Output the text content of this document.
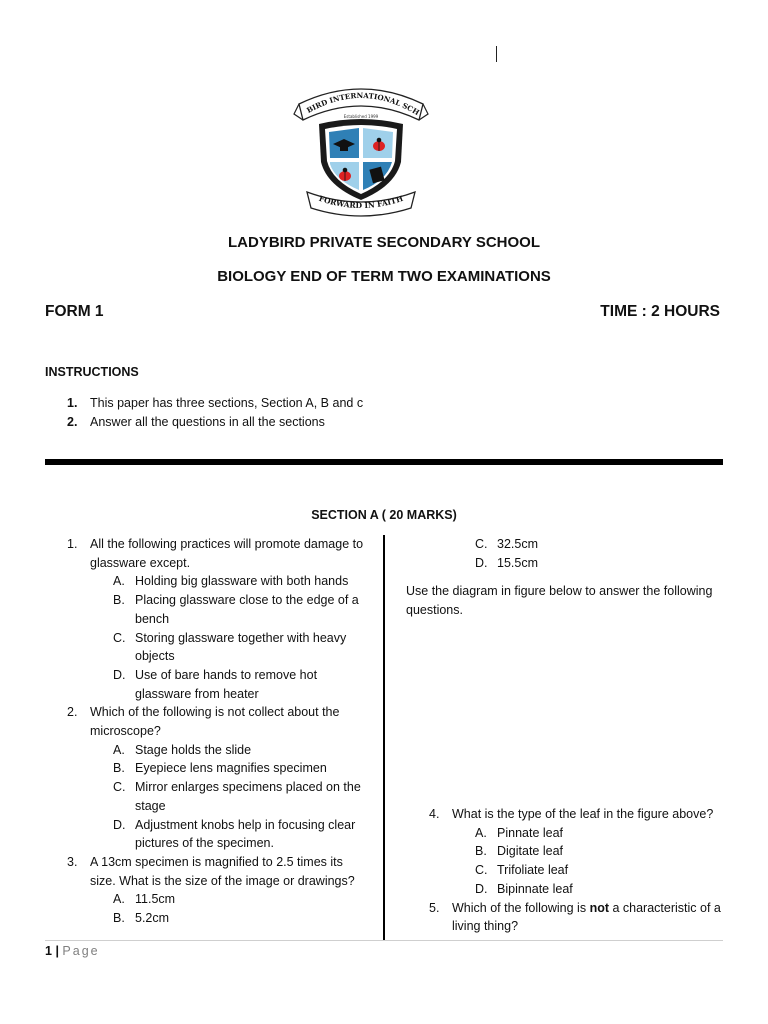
BIRD INTERNATIONAL SCH
Established 1999
FORWARD IN FAITH
LADYBIRD PRIVATE SECONDARY SCHOOL
BIOLOGY END OF TERM TWO EXAMINATIONS
FORM 1	TIME : 2 HOURS
INSTRUCTIONS
1.	This paper has three sections, Section A, B and c
2.	Answer all the questions in all the sections
SECTION A ( 20 MARKS)
1.	All the following practices will promote damage to glassware except.
A. Holding big glassware with both hands
B. Placing glassware close to the edge of a bench
C. Storing glassware together with heavy objects
D. Use of bare hands to remove hot glassware from heater
2.	Which of the following is not collect about the microscope?
A. Stage holds the slide
B. Eyepiece lens magnifies specimen
C. Mirror enlarges specimens placed on the stage
D. Adjustment knobs help in focusing clear pictures of the specimen.
3.	A 13cm specimen is magnified to 2.5 times its size. What is the size of the image or drawings?
A. 11.5cm
B. 5.2cm
C. 32.5cm
D. 15.5cm
Use the diagram in figure below to answer the following questions.
4.	What is the type of the leaf in the figure above?
A. Pinnate leaf
B. Digitate leaf
C. Trifoliate leaf
D. Bipinnate leaf
5.	Which of the following is not a characteristic of a living thing?
1 | Page
